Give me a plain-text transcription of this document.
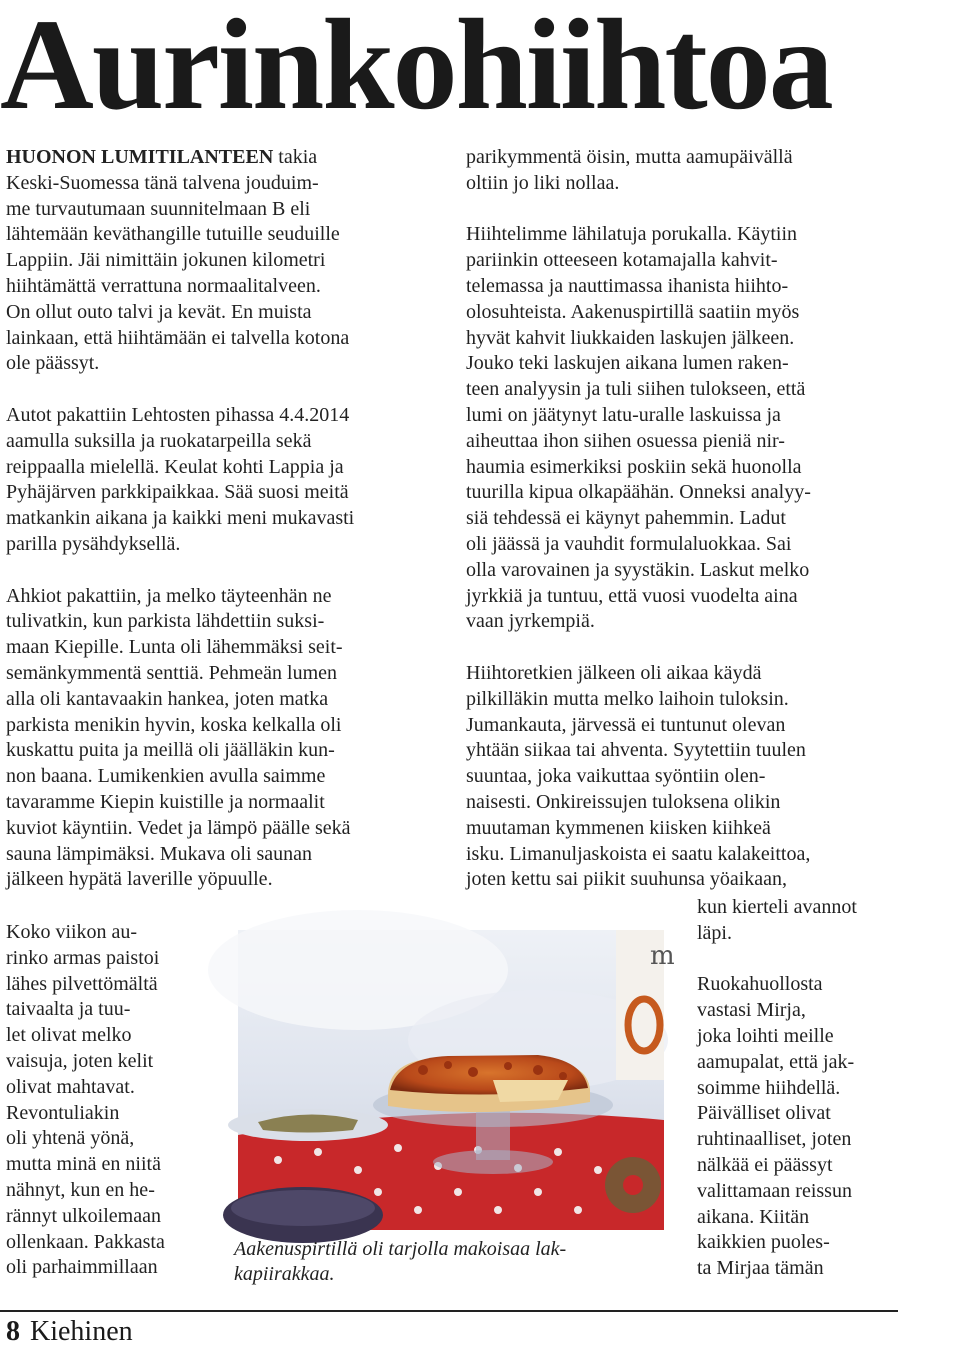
Aurinkohiihtoa

HUONON LUMITILANTEEN takia
Keski-Suomessa tänä talvena jouduim-
me turvautumaan suunnitelmaan B eli
lähtemään keväthangille tutuille seuduille
Lappiin. Jäi nimittäin jokunen kilometri
hiihtämättä verrattuna normaalitalveen.
On ollut outo talvi ja kevät. En muista
lainkaan, että hiihtämään ei talvella kotona
ole päässyt.

Autot pakattiin Lehtosten pihassa 4.4.2014
aamulla suksilla ja ruokatarpeilla sekä
reippaalla mielellä. Keulat kohti Lappia ja
Pyhäjärven parkkipaikkaa. Sää suosi meitä
matkankin aikana ja kaikki meni mukavasti
parilla pysähdyksellä.

Ahkiot pakattiin, ja melko täyteenhän ne
tulivatkin, kun parkista lähdettiin suksi-
maan Kiepille. Lunta oli lähemmäksi seit-
semänkymmentä senttiä. Pehmeän lumen
alla oli kantavaakin hankea, joten matka
parkista menikin hyvin, koska kelkalla oli
kuskattu puita ja meillä oli jäälläkin kun-
non baana. Lumikenkien avulla saimme
tavaramme Kiepin kuistille ja normaalit
kuviot käyntiin. Vedet ja lämpö päälle sekä
sauna lämpimäksi. Mukava oli saunan
jälkeen hypätä laverille yöpuulle.

Koko viikon au-
rinko armas paistoi
lähes pilvettömältä
taivaalta ja tuu-
let olivat melko
vaisuja, joten kelit
olivat mahtavat.
Revontuliakin
oli yhtenä yönä,
mutta minä en niitä
nähnyt, kun en he-
rännyt ulkoilemaan
ollenkaan. Pakkasta
oli parhaimmillaan

parikymmentä öisin, mutta aamupäivällä
oltiin jo liki nollaa.

Hiihtelimme lähilatuja porukalla. Käytiin
pariinkin otteeseen kotamajalla kahvit-
telemassa ja nauttimassa ihanista hiihto-
olosuhteista. Aakenuspirtillä saatiin myös
hyvät kahvit liukkaiden laskujen jälkeen.
Jouko teki laskujen aikana lumen raken-
teen analyysin ja tuli siihen tulokseen, että
lumi on jäätynyt latu-uralle laskuissa ja
aiheuttaa ihon siihen osuessa pieniä nir-
haumia esimerkiksi poskiin sekä huonolla
tuurilla kipua olkapäähän. Onneksi analyy-
siä tehdessä ei käynyt pahemmin. Ladut
oli jäässä ja vauhdit formulaluokkaa. Sai
olla varovainen ja syystäkin. Laskut melko
jyrkkiä ja tuntuu, että vuosi vuodelta aina
vaan jyrkempiä.

Hiihtoretkien jälkeen oli aikaa käydä
pilkilläkin mutta melko laihoin tuloksin.
Jumankauta, järvessä ei tuntunut olevan
yhtään siikaa tai ahventa. Syytettiin tuulen
suuntaa, joka vaikuttaa syöntiin olen-
naisesti. Onkireissujen tuloksena olikin
muutaman kymmenen kiisken kiihkeä
isku. Limanuljaskoista ei saatu kalakeittoa,
joten kettu sai piikit suuhunsa yöaikaan,

kun kierteli avannot
läpi.

Ruokahuollosta
vastasi Mirja,
joka loihti meille
aamupalat, että jak-
soimme hiihdellä.
Päivälliset olivat
ruhtinaalliset, joten
nälkää ei päässyt
valittamaan reissun
aikana. Kiitän
kaikkien puoles-
ta Mirjaa tämän

m
Aakenuspirtillä oli tarjolla makoisaa lak-
kapiirakkaa.
8 Kiehinen
